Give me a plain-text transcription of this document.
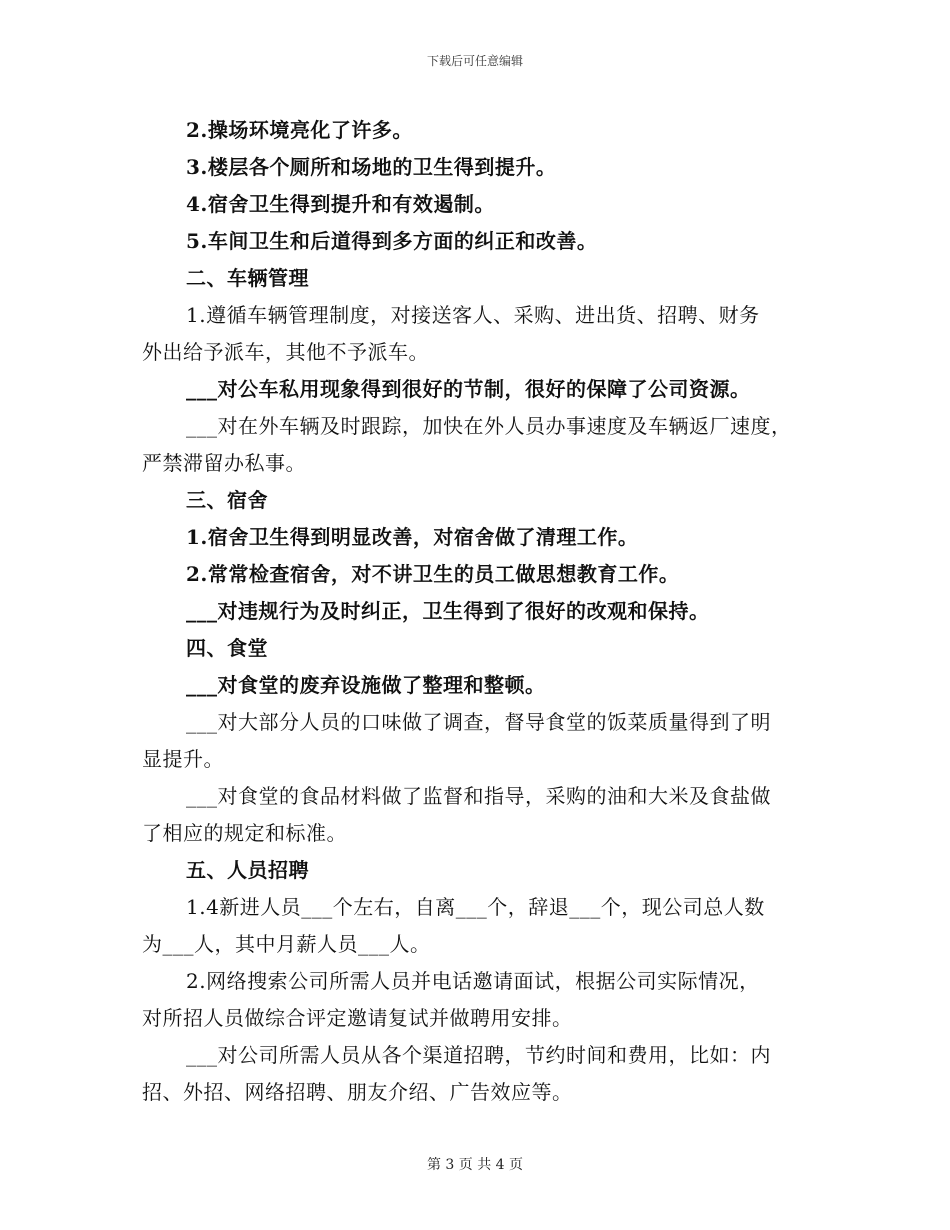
下载后可任意编辑
2.操场环境亮化了许多。
3.楼层各个厕所和场地的卫生得到提升。
4.宿舍卫生得到提升和有效遏制。
5.车间卫生和后道得到多方面的纠正和改善。
二、车辆管理
1.遵循车辆管理制度，对接送客人、采购、进出货、招聘、财务
外出给予派车，其他不予派车。
___对公车私用现象得到很好的节制，很好的保障了公司资源。
___对在外车辆及时跟踪，加快在外人员办事速度及车辆返厂速度，
严禁滞留办私事。
三、宿舍
1.宿舍卫生得到明显改善，对宿舍做了清理工作。
2.常常检查宿舍，对不讲卫生的员工做思想教育工作。
___对违规行为及时纠正，卫生得到了很好的改观和保持。
四、食堂
___对食堂的废弃设施做了整理和整顿。
___对大部分人员的口味做了调查，督导食堂的饭菜质量得到了明
显提升。
___对食堂的食品材料做了监督和指导，采购的油和大米及食盐做
了相应的规定和标准。
五、人员招聘
1.4新进人员___个左右，自离___个，辞退___个，现公司总人数
为___人，其中月薪人员___人。
2.网络搜索公司所需人员并电话邀请面试，根据公司实际情况，
对所招人员做综合评定邀请复试并做聘用安排。
___对公司所需人员从各个渠道招聘，节约时间和费用，比如：内
招、外招、网络招聘、朋友介绍、广告效应等。
第 3 页 共 4 页
